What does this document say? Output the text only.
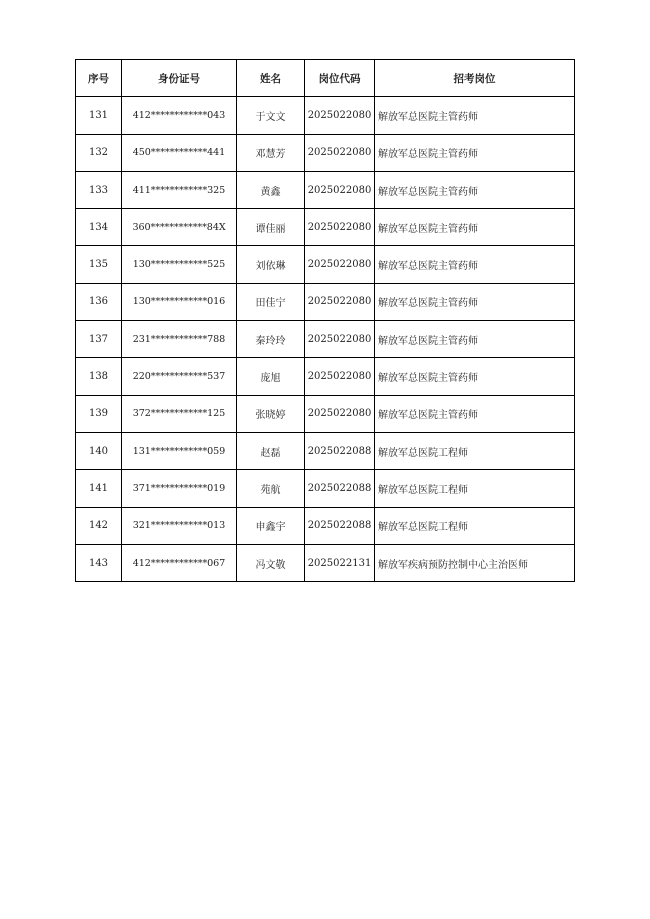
序号	身份证号	姓名	岗位代码	招考岗位
131	412************043	于文文	2025022080	解放军总医院主管药师
132	450************441	邓慧芳	2025022080	解放军总医院主管药师
133	411************325	黄鑫	2025022080	解放军总医院主管药师
134	360************84X	谭佳丽	2025022080	解放军总医院主管药师
135	130************525	刘依琳	2025022080	解放军总医院主管药师
136	130************016	田佳宁	2025022080	解放军总医院主管药师
137	231************788	秦玲玲	2025022080	解放军总医院主管药师
138	220************537	庞旭	2025022080	解放军总医院主管药师
139	372************125	张晓婷	2025022080	解放军总医院主管药师
140	131************059	赵磊	2025022088	解放军总医院工程师
141	371************019	苑航	2025022088	解放军总医院工程师
142	321************013	申鑫宇	2025022088	解放军总医院工程师
143	412************067	冯文敬	2025022131	解放军疾病预防控制中心主治医师
